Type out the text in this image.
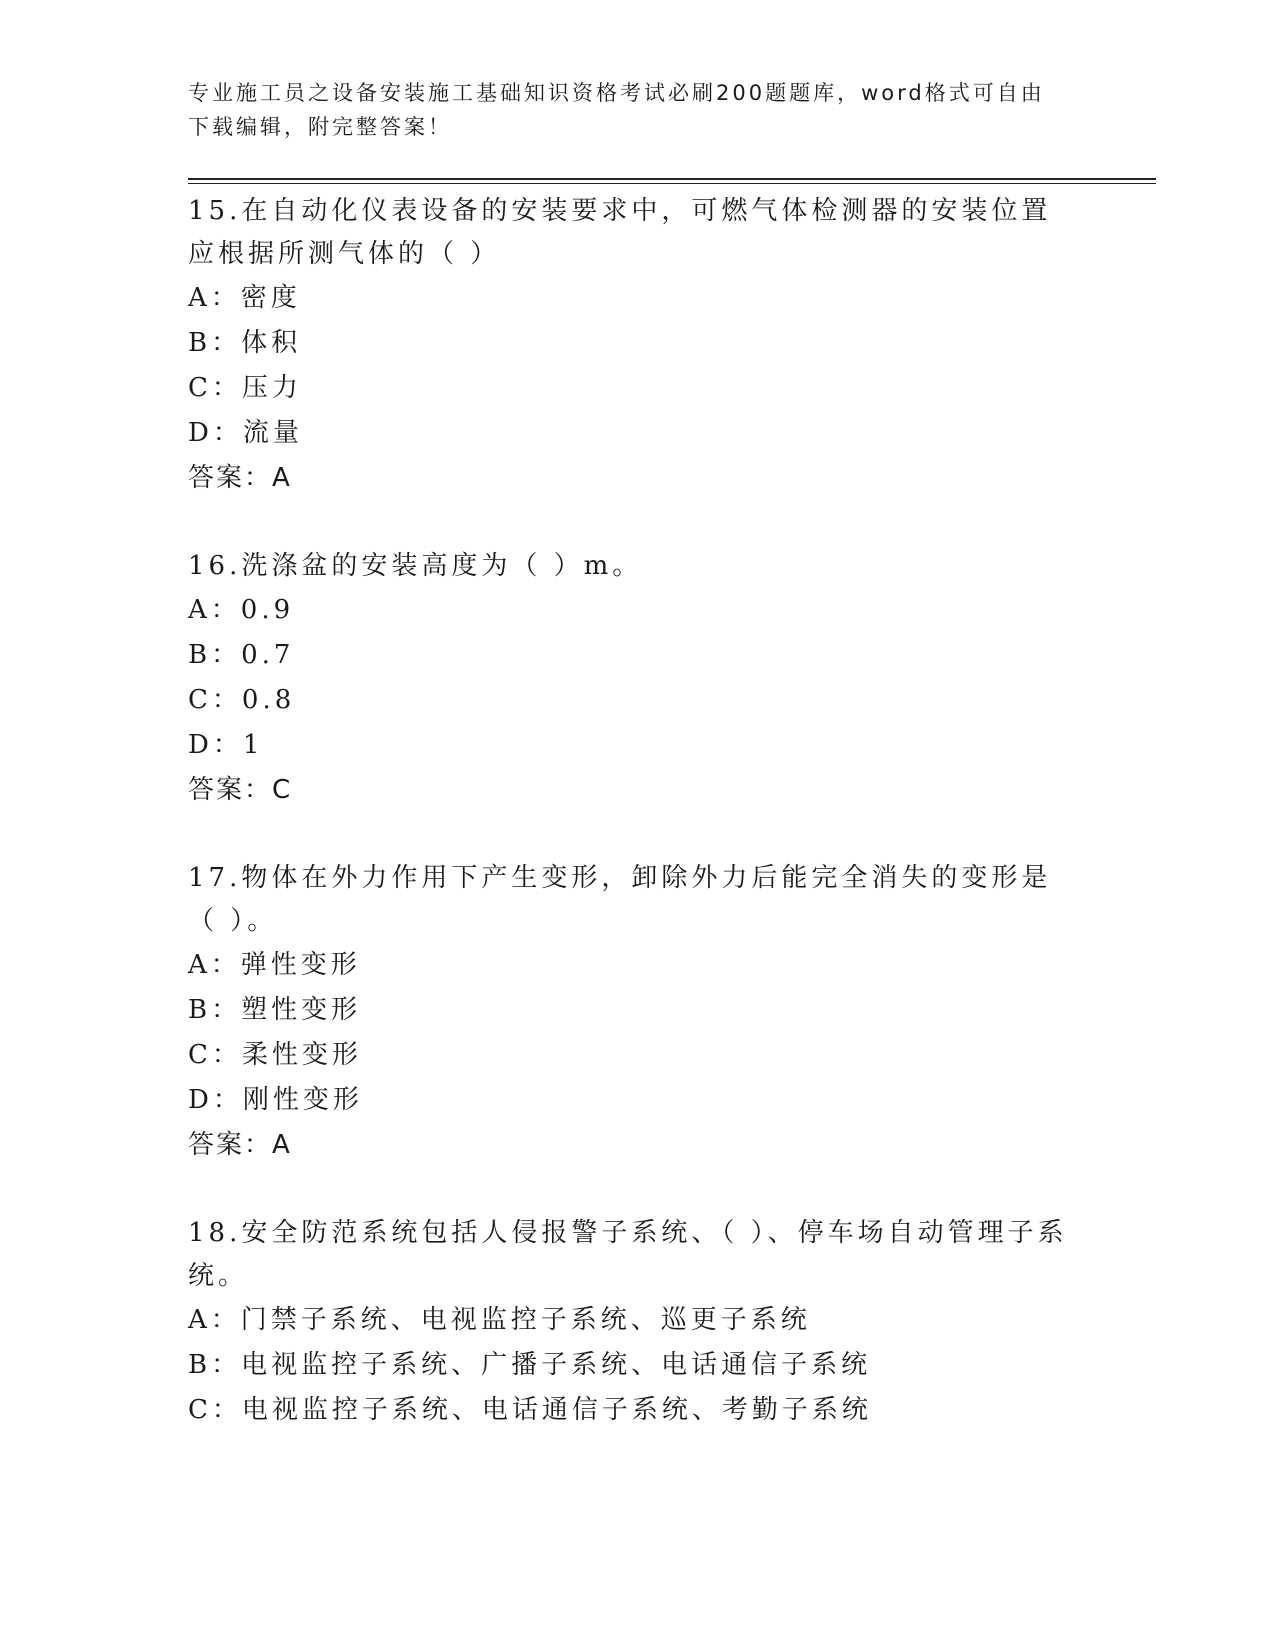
专业施工员之设备安装施工基础知识资格考试必刷200题题库，word格式可自由
下载编辑，附完整答案！
15.在自动化仪表设备的安装要求中，可燃气体检测器的安装位置应根据所测气体的（ ）
A：密度
B：体积
C：压力
D：流量
答案：A
16.洗涤盆的安装高度为（ ）m。
A：0.9
B：0.7
C：0.8
D：1
答案：C
17.物体在外力作用下产生变形，卸除外力后能完全消失的变形是（ ）。
A：弹性变形
B：塑性变形
C：柔性变形
D：刚性变形
答案：A
18.安全防范系统包括人侵报警子系统、（ ）、停车场自动管理子系统。
A：门禁子系统、电视监控子系统、巡更子系统
B：电视监控子系统、广播子系统、电话通信子系统
C：电视监控子系统、电话通信子系统、考勤子系统
